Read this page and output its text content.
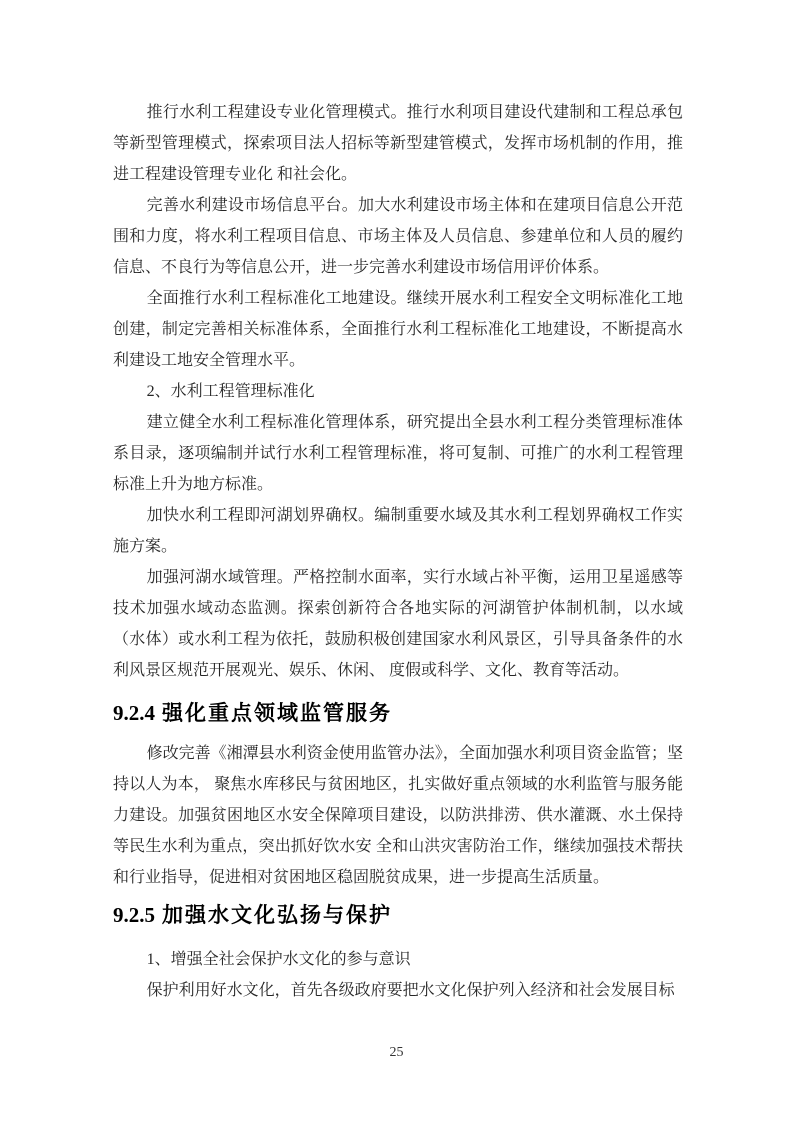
推行水利工程建设专业化管理模式。推行水利项目建设代建制和工程总承包等新型管理模式，探索项目法人招标等新型建管模式，发挥市场机制的作用，推进工程建设管理专业化 和社会化。

完善水利建设市场信息平台。加大水利建设市场主体和在建项目信息公开范围和力度，将水利工程项目信息、市场主体及人员信息、参建单位和人员的履约信息、不良行为等信息公开，进一步完善水利建设市场信用评价体系。

全面推行水利工程标准化工地建设。继续开展水利工程安全文明标准化工地创建，制定完善相关标准体系，全面推行水利工程标准化工地建设，不断提高水利建设工地安全管理水平。

2、水利工程管理标准化

建立健全水利工程标准化管理体系，研究提出全县水利工程分类管理标准体系目录，逐项编制并试行水利工程管理标准，将可复制、可推广的水利工程管理标准上升为地方标准。

加快水利工程即河湖划界确权。编制重要水域及其水利工程划界确权工作实施方案。

加强河湖水域管理。严格控制水面率，实行水域占补平衡，运用卫星遥感等技术加强水域动态监测。探索创新符合各地实际的河湖管护体制机制，以水域（水体）或水利工程为依托，鼓励积极创建国家水利风景区，引导具备条件的水利风景区规范开展观光、娱乐、休闲、 度假或科学、文化、教育等活动。

9.2.4 强化重点领域监管服务

修改完善《湘潭县水利资金使用监管办法》，全面加强水利项目资金监管；坚持以人为本， 聚焦水库移民与贫困地区，扎实做好重点领域的水利监管与服务能力建设。加强贫困地区水安全保障项目建设，以防洪排涝、供水灌溉、水土保持等民生水利为重点，突出抓好饮水安 全和山洪灾害防治工作，继续加强技术帮扶和行业指导，促进相对贫困地区稳固脱贫成果，进一步提高生活质量。

9.2.5 加强水文化弘扬与保护

1、增强全社会保护水文化的参与意识

保护利用好水文化，首先各级政府要把水文化保护列入经济和社会发展目标

25
